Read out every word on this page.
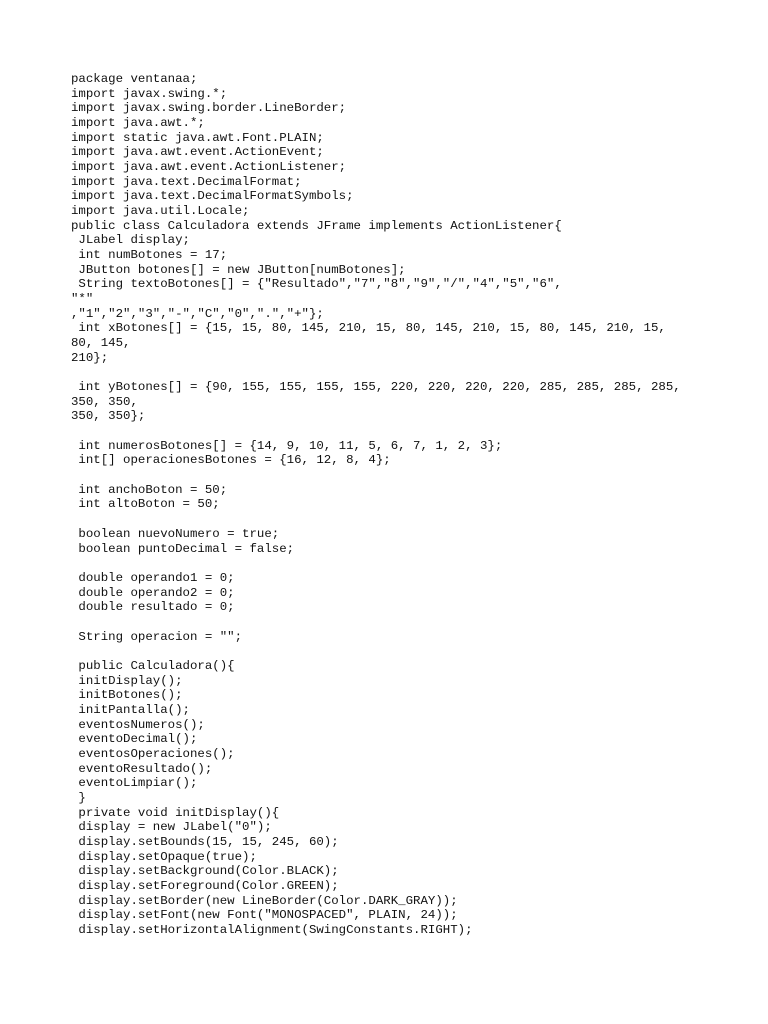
package ventanaa;
import javax.swing.*;
import javax.swing.border.LineBorder;
import java.awt.*;
import static java.awt.Font.PLAIN;
import java.awt.event.ActionEvent;
import java.awt.event.ActionListener;
import java.text.DecimalFormat;
import java.text.DecimalFormatSymbols;
import java.util.Locale;
public class Calculadora extends JFrame implements ActionListener{
JLabel display;
int numBotones = 17;
JButton botones[] = new JButton[numBotones];
String textoBotones[] = {"Resultado","7","8","9","/","4","5","6",
"*"
,"1","2","3","-","C","0",".","+"};
int xBotones[] = {15, 15, 80, 145, 210, 15, 80, 145, 210, 15, 80, 145, 210, 15,
80, 145,
210};
int yBotones[] = {90, 155, 155, 155, 155, 220, 220, 220, 220, 285, 285, 285, 285,
350, 350,
350, 350};
int numerosBotones[] = {14, 9, 10, 11, 5, 6, 7, 1, 2, 3};
int[] operacionesBotones = {16, 12, 8, 4};
int anchoBoton = 50;
int altoBoton = 50;
boolean nuevoNumero = true;
boolean puntoDecimal = false;
double operando1 = 0;
double operando2 = 0;
double resultado = 0;
String operacion = "";
public Calculadora(){
initDisplay();
initBotones();
initPantalla();
eventosNumeros();
eventoDecimal();
eventosOperaciones();
eventoResultado();
eventoLimpiar();
}
private void initDisplay(){
display = new JLabel("0");
display.setBounds(15, 15, 245, 60);
display.setOpaque(true);
display.setBackground(Color.BLACK);
display.setForeground(Color.GREEN);
display.setBorder(new LineBorder(Color.DARK_GRAY));
display.setFont(new Font("MONOSPACED", PLAIN, 24));
display.setHorizontalAlignment(SwingConstants.RIGHT);
